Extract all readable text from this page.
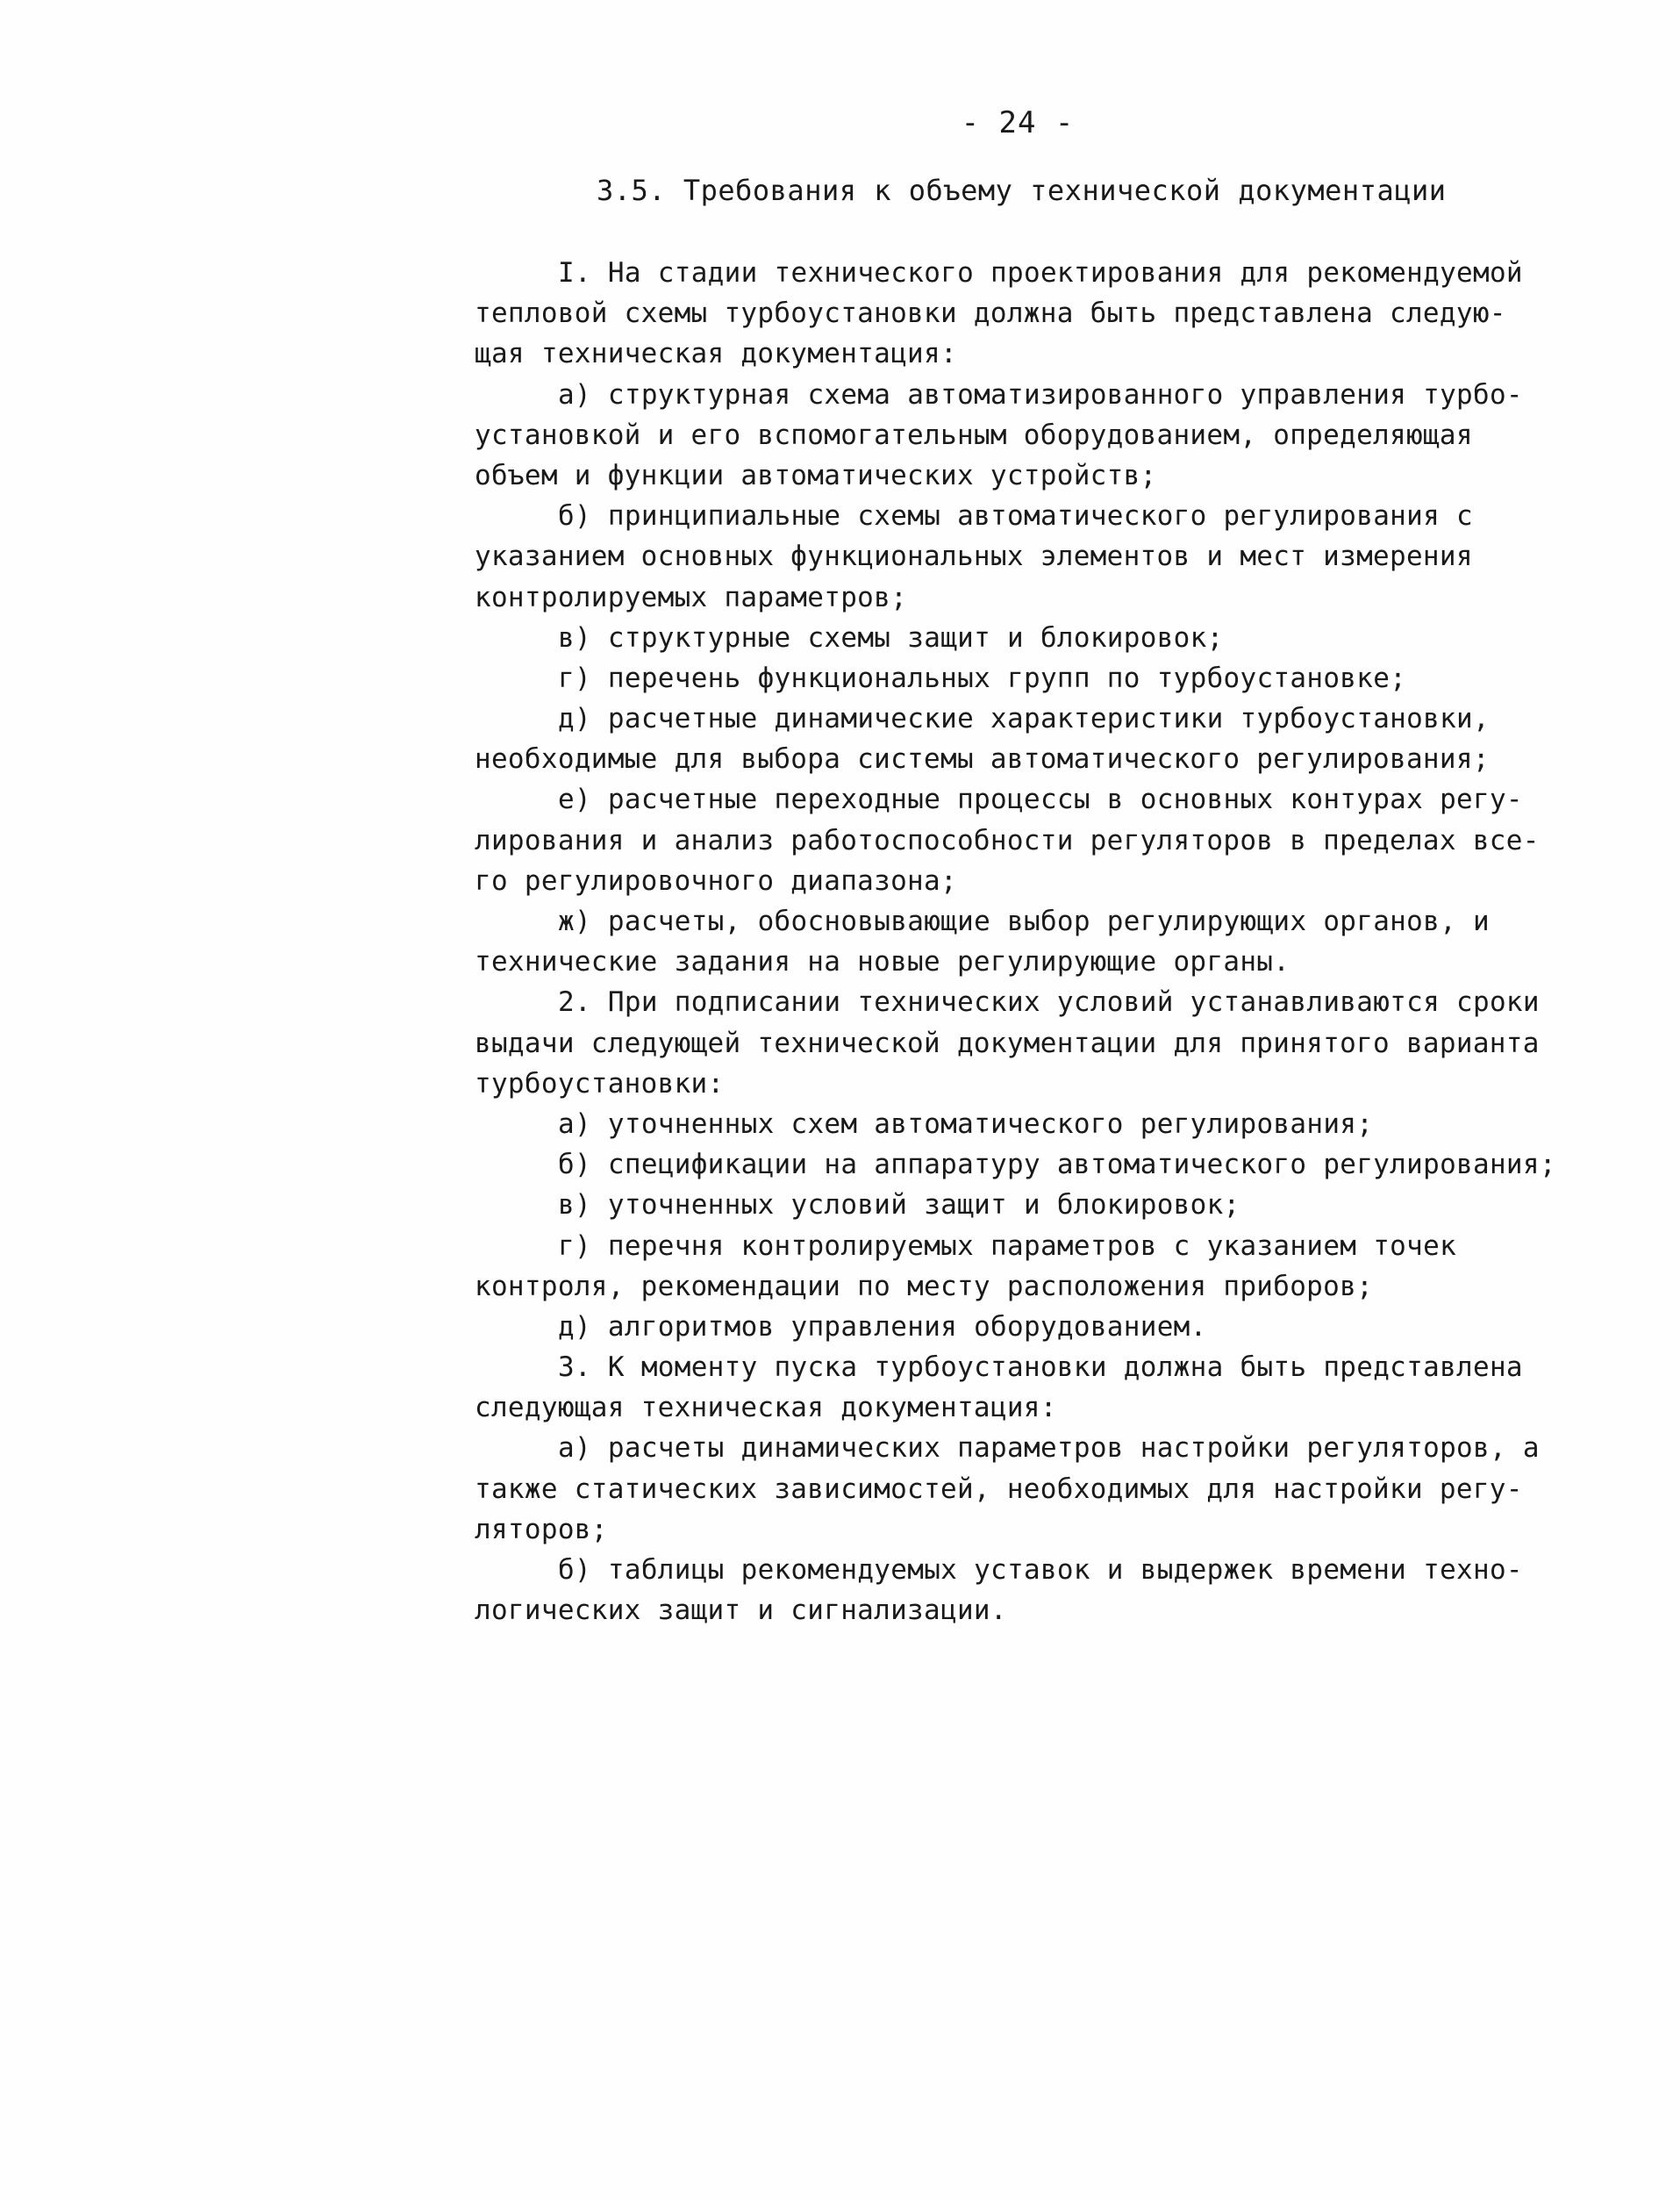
- 24 -
3.5. Требования к объему технической документации
I. На стадии технического проектирования для рекомендуемой
тепловой схемы турбоустановки должна быть представлена следую-
щая техническая документация:
а) структурная схема автоматизированного управления турбо-
установкой и его вспомогательным оборудованием, определяющая
объем и функции автоматических устройств;
б) принципиальные схемы автоматического регулирования с
указанием основных функциональных элементов и мест измерения
контролируемых параметров;
в) структурные схемы защит и блокировок;
г) перечень функциональных групп по турбоустановке;
д) расчетные динамические характеристики турбоустановки,
необходимые для выбора системы автоматического регулирования;
е) расчетные переходные процессы в основных контурах регу-
лирования и анализ работоспособности регуляторов в пределах все-
го регулировочного диапазона;
ж) расчеты, обосновывающие выбор регулирующих органов, и
технические задания на новые регулирующие органы.
2. При подписании технических условий устанавливаются сроки
выдачи следующей технической документации для принятого варианта
турбоустановки:
а) уточненных схем автоматического регулирования;
б) спецификации на аппаратуру автоматического регулирования;
в) уточненных условий защит и блокировок;
г) перечня контролируемых параметров с указанием точек
контроля, рекомендации по месту расположения приборов;
д) алгоритмов управления оборудованием.
3. К моменту пуска турбоустановки должна быть представлена
следующая техническая документация:
а) расчеты динамических параметров настройки регуляторов, а
также статических зависимостей, необходимых для настройки регу-
ляторов;
б) таблицы рекомендуемых уставок и выдержек времени техно-
логических защит и сигнализации.
